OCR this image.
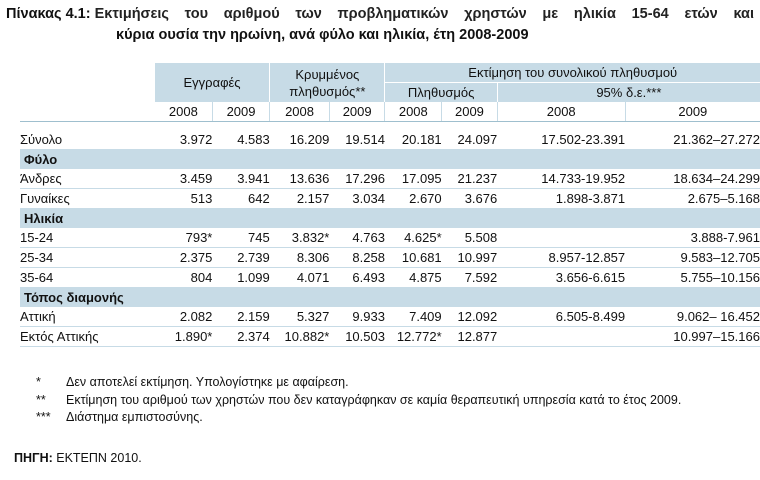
Πίνακας 4.1: Εκτιμήσεις του αριθμού των προβληματικών χρηστών με ηλικία 15-64 ετών και
κύρια ουσία την ηρωίνη, ανά φύλο και ηλικία, έτη 2008-2009
	Εγγραφές		Κρυμμένος πληθυσμός**		Εκτίμηση του συνολικού πληθυσμού			
					Πληθυσμός		95% δ.ε.***	
	2008	2009	2008	2009	2008	2009	2008	2009

Σύνολο	3.972	4.583	16.209	19.514	20.181	24.097	17.502-23.391	21.362–27.272
Φύλο								
Άνδρες	3.459	3.941	13.636	17.296	17.095	21.237	14.733-19.952	18.634–24.299
Γυναίκες	513	642	2.157	3.034	2.670	3.676	1.898-3.871	2.675–5.168
Ηλικία								
15-24	793*	745	3.832*	4.763	4.625*	5.508		3.888-7.961
25-34	2.375	2.739	8.306	8.258	10.681	10.997	8.957-12.857	9.583–12.705
35-64	804	1.099	4.071	6.493	4.875	7.592	3.656-6.615	5.755–10.156
Τόπος διαμονής								
Αττική	2.082	2.159	5.327	9.933	7.409	12.092	6.505-8.499	9.062– 16.452
Εκτός Αττικής	1.890*	2.374	10.882*	10.503	12.772*	12.877		10.997–15.166
*	Δεν αποτελεί εκτίμηση. Υπολογίστηκε με αφαίρεση.
**	Εκτίμηση του αριθμού των χρηστών που δεν καταγράφηκαν σε καμία θεραπευτική υπηρεσία κατά το έτος 2009.
***	Διάστημα εμπιστοσύνης.
ΠΗΓΗ: ΕΚΤΕΠΝ 2010.
